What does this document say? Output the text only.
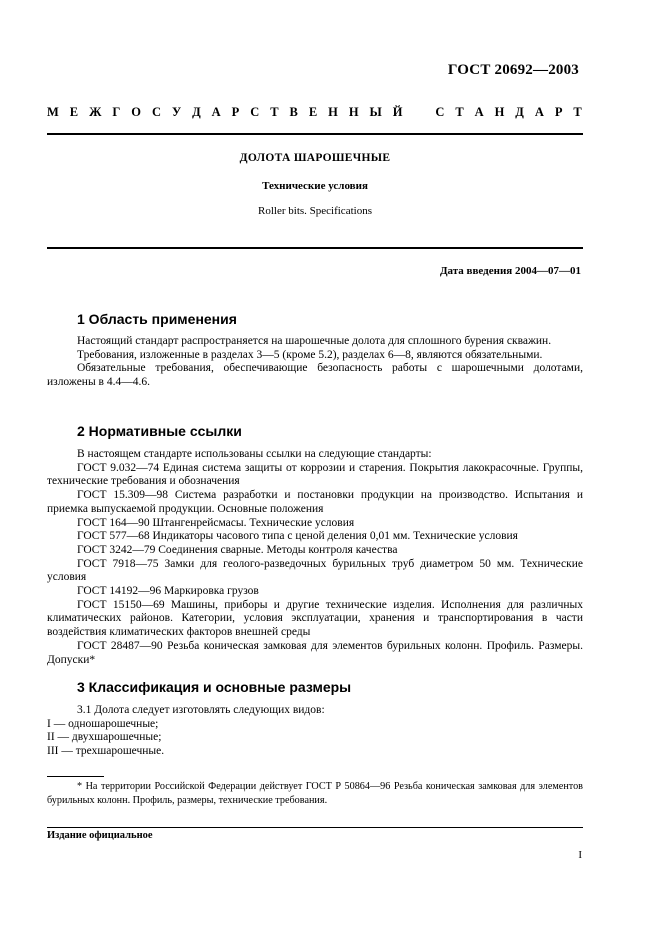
ГОСТ 20692—2003
М Е Ж Г О С У Д А Р С Т В Е Н Н Ы Й	С Т А Н Д А Р Т
ДОЛОТА ШАРОШЕЧНЫЕ
Технические условия
Roller bits. Specifications
Дата введения 2004—07—01
1 Область применения

Настоящий стандарт распространяется на шарошечные долота для сплошного бурения скважин.

Требования, изложенные в разделах 3—5 (кроме 5.2), разделах 6—8, являются обязательными.

Обязательные требования, обеспечивающие безопасность работы с шарошечными долотами, изложены в 4.4—4.6.

2 Нормативные ссылки

В настоящем стандарте использованы ссылки на следующие стандарты:

ГОСТ 9.032—74 Единая система защиты от коррозии и старения. Покрытия лакокрасочные. Группы, технические требования и обозначения

ГОСТ 15.309—98 Система разработки и постановки продукции на производство. Испытания и приемка выпускаемой продукции. Основные положения

ГОСТ 164—90 Штангенрейсмасы. Технические условия

ГОСТ 577—68 Индикаторы часового типа с ценой деления 0,01 мм. Технические условия

ГОСТ 3242—79 Соединения сварные. Методы контроля качества

ГОСТ 7918—75 Замки для геолого-разведочных бурильных труб диаметром 50 мм. Технические условия

ГОСТ 14192—96 Маркировка грузов

ГОСТ 15150—69 Машины, приборы и другие технические изделия. Исполнения для различных климатических районов. Категории, условия эксплуатации, хранения и транспортирования в части воздействия климатических факторов внешней среды

ГОСТ 28487—90 Резьба коническая замковая для элементов бурильных колонн. Профиль. Размеры. Допуски*

3 Классификация и основные размеры

3.1 Долота следует изготовлять следующих видов:

I — одношарошечные;

II — двухшарошечные;

III — трехшарошечные.

* На территории Российской Федерации действует ГОСТ Р 50864—96 Резьба коническая замковая для элементов бурильных колонн. Профиль, размеры, технические требования.

Издание официальное
I
